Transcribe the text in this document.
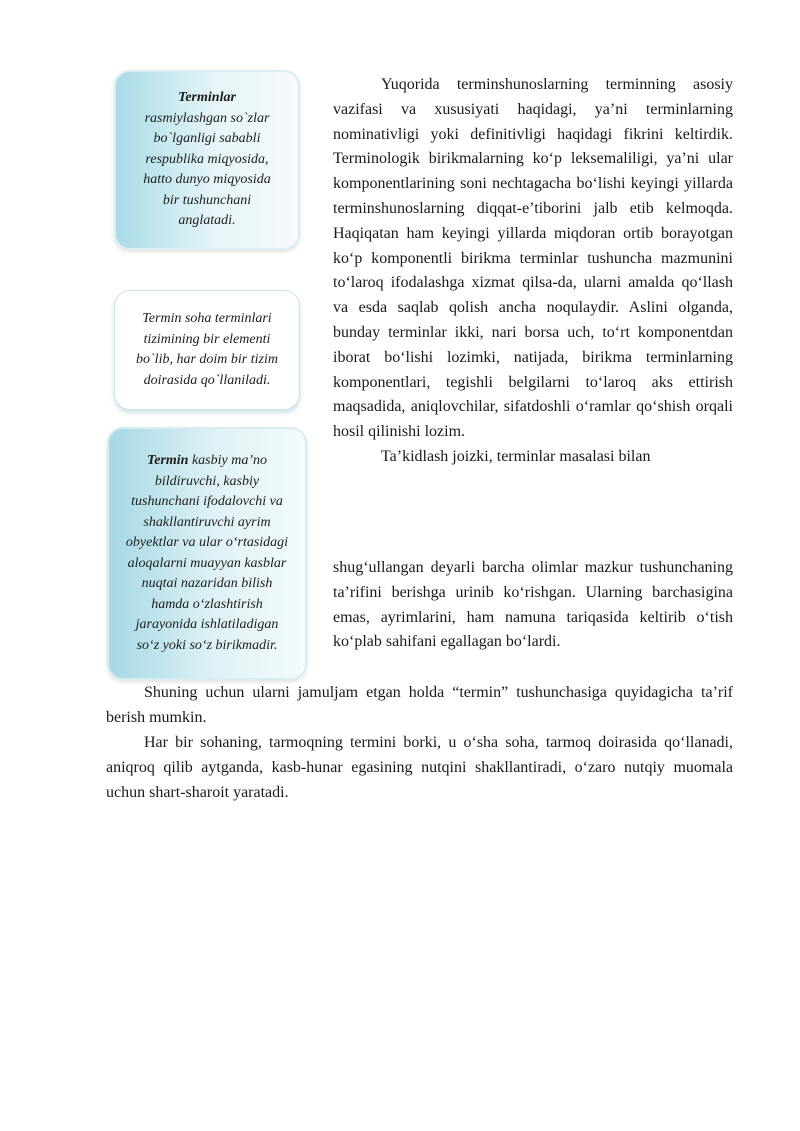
Terminlar
rasmiylashgan so`zlar bo`lganligi sababli respublika miqyosida, hatto dunyo miqyosida bir tushunchani anglatadi.
Termin soha terminlari tizimining bir elementi bo`lib, har doim bir tizim doirasida qo`llaniladi.
Termin kasbiy ma’no bildiruvchi, kasbiy tushunchani ifodalovchi va shakllantiruvchi ayrim obyektlar va ular o‘rtasidagi aloqalarni muayyan kasblar nuqtai nazaridan bilish hamda o‘zlashtirish jarayonida ishlatiladigan so‘z yoki so‘z birikmadir.

Yuqorida terminshunoslarning terminning asosiy vazifasi va xususiyati haqidagi, ya’ni terminlarning nominativligi yoki definitivligi haqidagi fikrini keltirdik. Terminologik birikmalarning ko‘p leksemaliligi, ya’ni ular komponentlarining soni nechtagacha bo‘lishi keyingi yillarda terminshunoslarning diqqat-e’tiborini jalb etib kelmoqda. Haqiqatan ham keyingi yillarda miqdoran ortib borayotgan ko‘p komponentli birikma terminlar tushuncha mazmunini to‘laroq ifodalashga xizmat qilsa-da, ularni amalda qo‘llash va esda saqlab qolish ancha noqulaydir. Aslini olganda, bunday terminlar ikki, nari borsa uch, to‘rt komponentdan iborat bo‘lishi lozimki, natijada, birikma terminlarning komponentlari, tegishli belgilarni to‘laroq aks ettirish maqsadida, aniqlovchilar, sifatdoshli o‘ramlar qo‘shish orqali hosil qilinishi lozim.

Ta’kidlash joizki, terminlar masalasi bilan

shug‘ullangan deyarli barcha olimlar mazkur tushunchaning ta’rifini berishga urinib ko‘rishgan. Ularning barchasigina emas, ayrimlarini, ham namuna tariqasida keltirib o‘tish ko‘plab sahifani egallagan bo‘lardi.

Shuning uchun ularni jamuljam etgan holda “termin” tushunchasiga quyidagicha ta’rif berish mumkin.

Har bir sohaning, tarmoqning termini borki, u o‘sha soha, tarmoq doirasida qo‘llanadi, aniqroq qilib aytganda, kasb-hunar egasining nutqini shakllantiradi, o‘zaro nutqiy muomala uchun shart-sharoit yaratadi.
